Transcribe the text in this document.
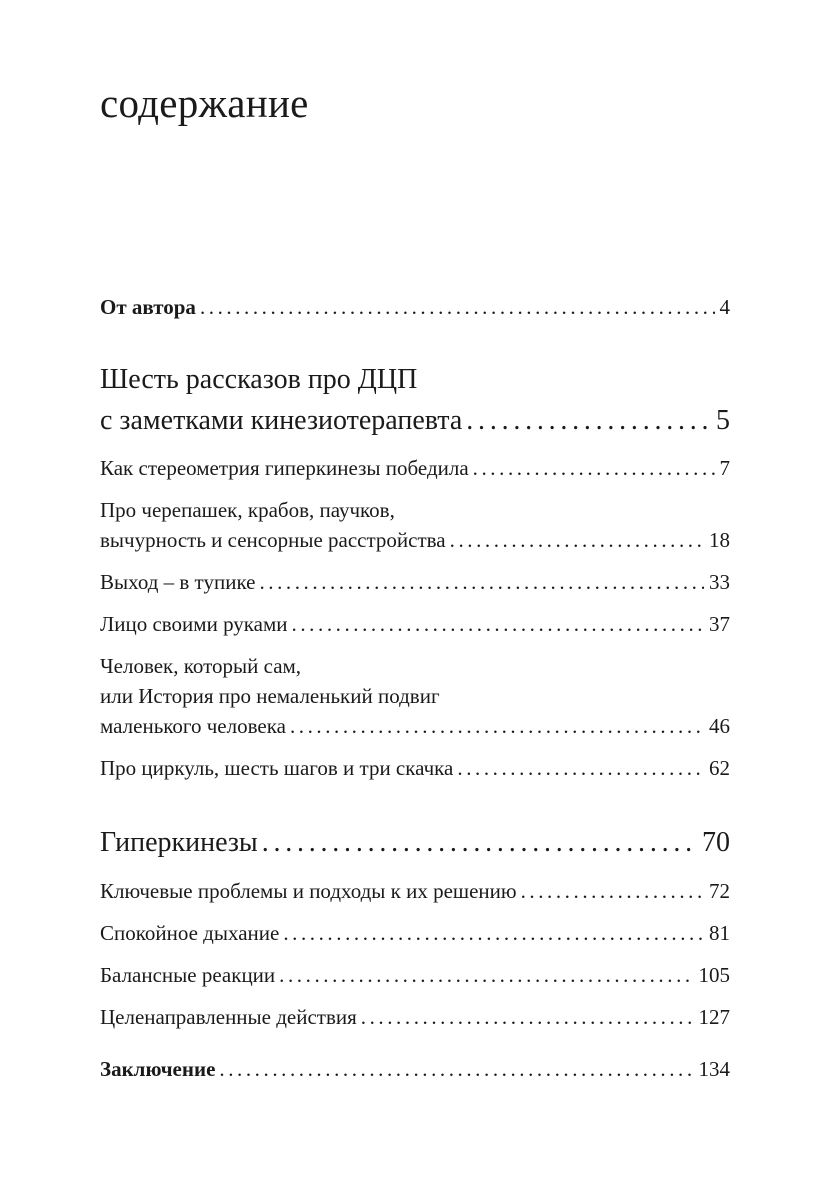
содержание
От автора .....	4
Шесть рассказов про ДЦП
с заметками кинезиотерапевта .....	5
Как стереометрия гиперкинезы победила .....	7
Про черепашек, крабов, паучков,
вычурность и сенсорные расстройства .....	18
Выход – в тупике .....	33
Лицо своими руками .....	37
Человек, который сам,
или История про немаленький подвиг
маленького человека .....	46
Про циркуль, шесть шагов и три скачка .....	62
Гиперкинезы .....	70
Ключевые проблемы и подходы к их решению .....	72
Спокойное дыхание .....	81
Балансные реакции .....	105
Целенаправленные действия .....	127
Заключение .....	134
